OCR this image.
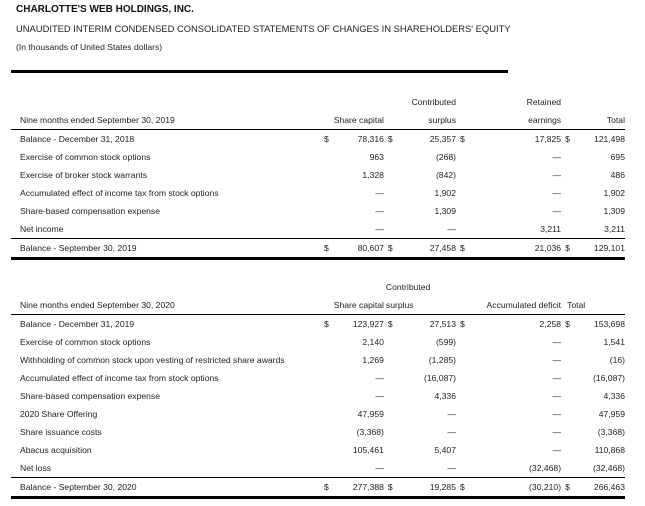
CHARLOTTE'S WEB HOLDINGS, INC.
UNAUDITED INTERIM CONDENSED CONSOLIDATED STATEMENTS OF CHANGES IN SHAREHOLDERS' EQUITY
(In thousands of United States dollars)
				Contributed		Retained		
Nine months ended September 30, 2019	Share capital			surplus		earnings		Total
Balance - December 31, 2018	$	78,316	$	25,357	$	17,825	$	121,498
Exercise of common stock options		963		(268)		—		695
Exercise of broker stock warrants		1,328		(842)		—		486
Accumulated effect of income tax from stock options		—		1,902		—		1,902
Share-based compensation expense		—		1,309		—		1,309
Net income		—		—		3,211		3,211
Balance - September 30, 2019	$	80,607	$	27,458	$	21,036	$	129,101
			Contributed					
Nine months ended September 30, 2020	Share capital		surplus		Accumulated deficit		Total	
Balance - December 31, 2019	$	123,927	$	27,513	$	2,258	$	153,698
Exercise of common stock options		2,140		(599)		—		1,541
Withholding of common stock upon vesting of restricted share awards		1,269		(1,285)		—		(16)
Accumulated effect of income tax from stock options		—		(16,087)		—		(16,087)
Share-based compensation expense		—		4,336		—		4,336
2020 Share Offering		47,959		—		—		47,959
Share issuance costs		(3,368)		—		—		(3,368)
Abacus acquisition		105,461		5,407		—		110,868
Net loss		—		—		(32,468)		(32,468)
Balance - September 30, 2020	$	277,388	$	19,285	$	(30,210)	$	266,463
